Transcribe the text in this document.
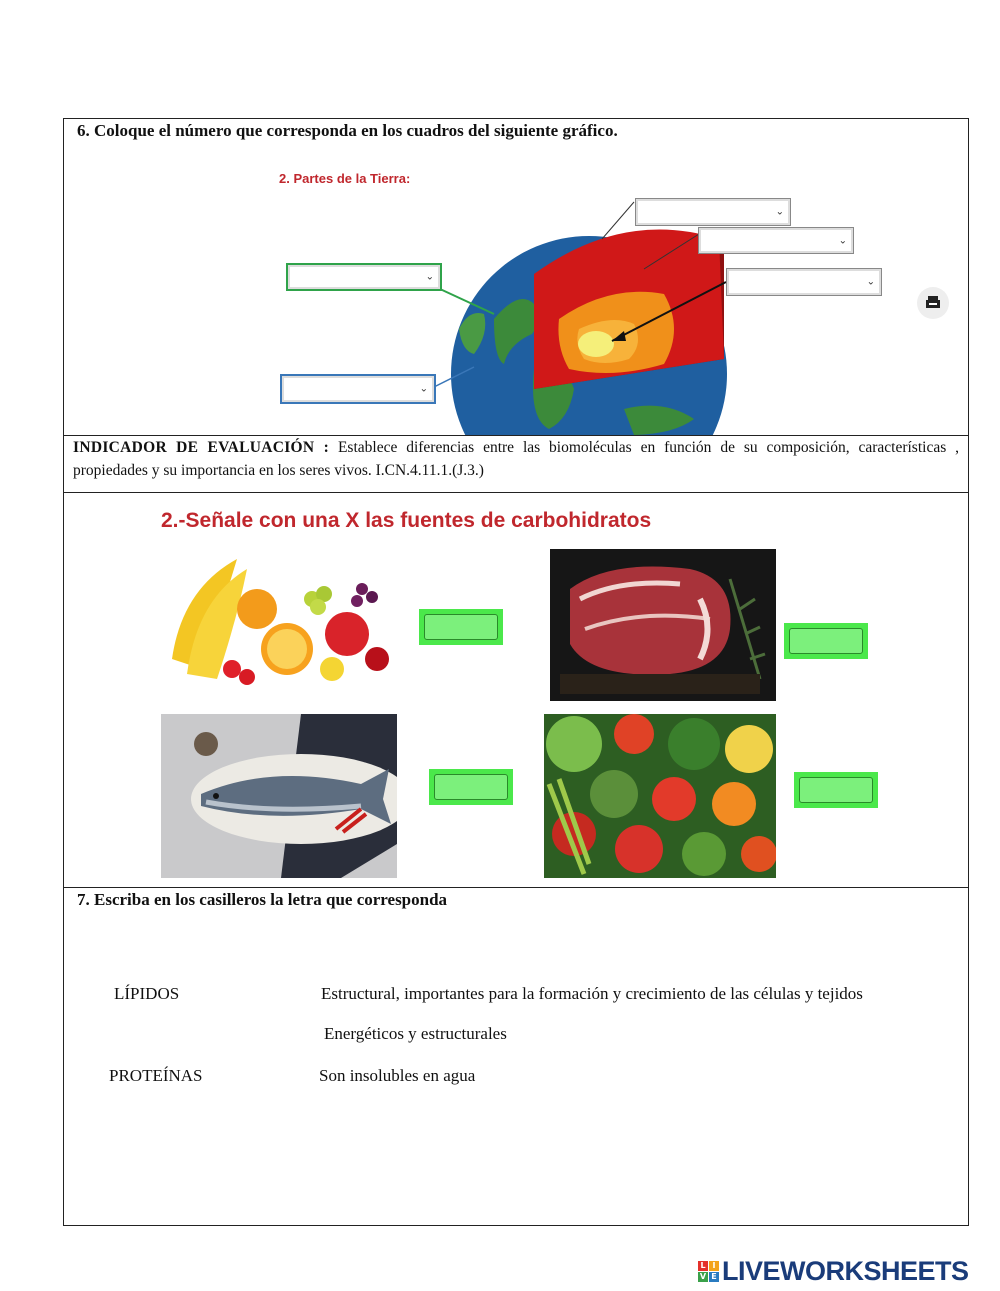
6. Coloque el número que corresponda en los cuadros del siguiente gráfico.
2. Partes de la Tierra:
⌄
⌄
⌄
⌄
⌄
INDICADOR DE EVALUACIÓN : Establece diferencias entre las biomoléculas en función de su composición, características , propiedades y su importancia en los seres vivos. I.CN.4.11.1.(J.3.)
2.-Señale con una X las fuentes de carbohidratos
7. Escriba en los casilleros la letra que corresponda
LÍPIDOS
PROTEÍNAS
Estructural, importantes para la formación y crecimiento de las células y tejidos
Energéticos y estructurales
Son insolubles en agua
L I
V E LIVEWORKSHEETS
